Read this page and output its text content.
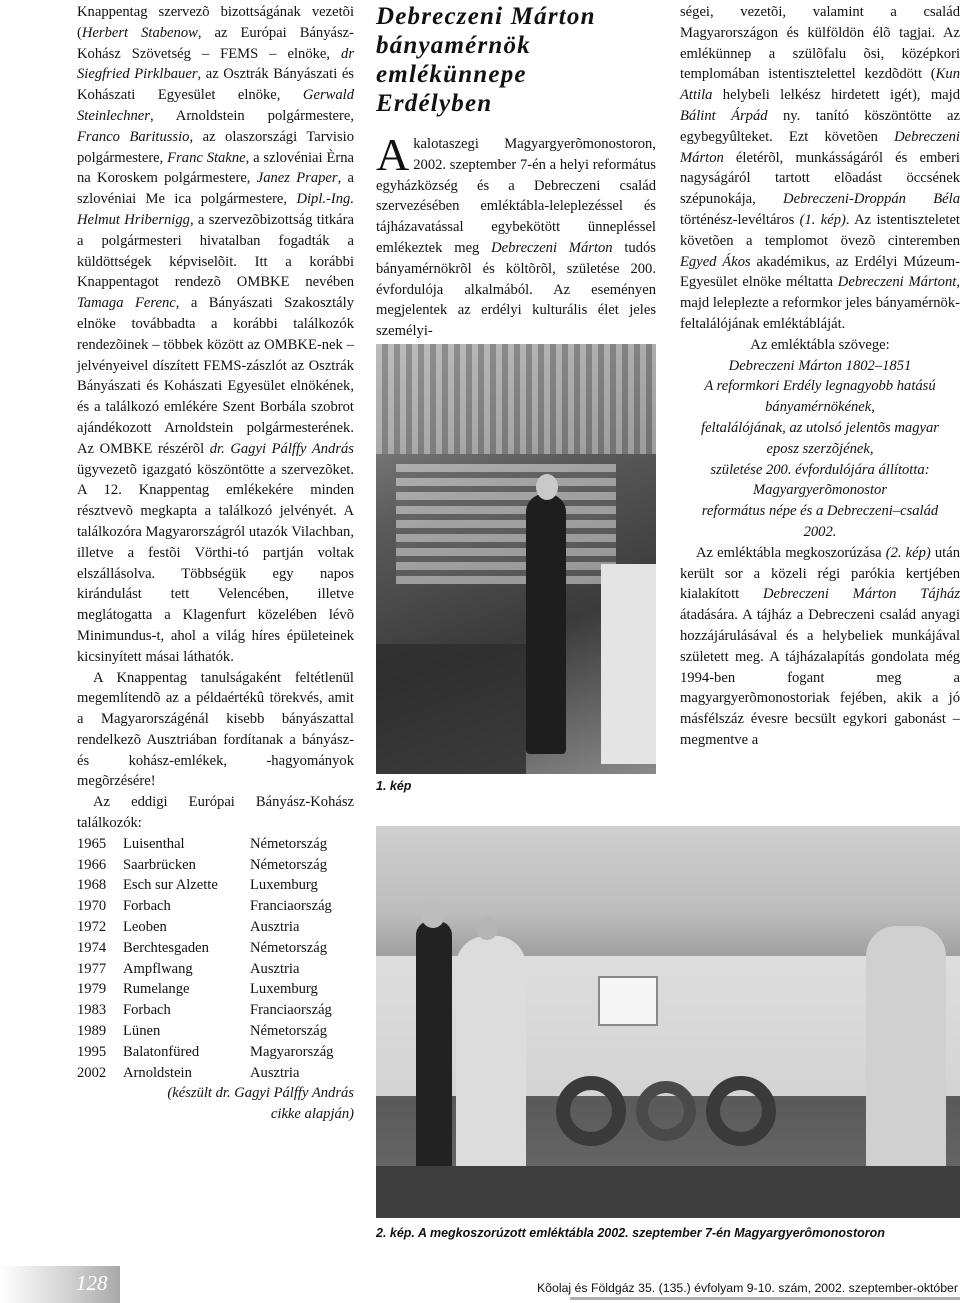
Knappentag szervezõ bizottságának vezetõi (Herbert Stabenow, az Európai Bányász-Kohász Szövetség – FEMS – elnöke, dr Siegfried Pirklbauer, az Osztrák Bányászati és Kohászati Egyesület elnöke, Gerwald Steinlechner, Arnoldstein polgármestere, Franco Baritussio, az olaszországi Tarvisio polgármestere, Franc Stakne, a szlovéniai Èrna na Koroskem polgármestere, Janez Praper, a szlovéniai Me ica polgármestere, Dipl.-Ing. Helmut Hribernigg, a szervezõbizottság titkára a polgármesteri hivatalban fogadták a küldöttségek képviselõit. Itt a korábbi Knappentagot rendezõ OMBKE nevében Tamaga Ferenc, a Bányászati Szakosztály elnöke továbbadta a korábbi találkozók rendezõinek – többek között az OMBKE-nek – jelvényeivel díszített FEMS-zászlót az Osztrák Bányászati és Kohászati Egyesület elnökének, és a találkozó emlékére Szent Borbála szobrot ajándékozott Arnoldstein polgármesterének. Az OMBKE részérõl dr. Gagyi Pálffy András ügyvezetõ igazgató köszöntötte a szervezõket. A 12. Knappentag emlékekére minden résztvevõ megkapta a találkozó jelvényét. A találkozóra Magyarországról utazók Vilachban, illetve a festõi Vörthi-tó partján voltak elszállásolva. Többségük egy napos kirándulást tett Velencében, illetve meglátogatta a Klagenfurt közelében lévõ Minimundus-t, ahol a világ híres épületeinek kicsinyített másai láthatók.

A Knappentag tanulságaként feltétlenül megemlítendõ az a példaértékû törekvés, amit a Magyarországénál kisebb bányászattal rendelkezõ Ausztriában fordítanak a bányász- és kohász-emlékek, -hagyományok megõrzésére!

Az eddigi Európai Bányász-Kohász találkozók:

1965	Luisenthal	Németország
1966	Saarbrücken	Németország
1968	Esch sur Alzette	Luxemburg
1970	Forbach	Franciaország
1972	Leoben	Ausztria
1974	Berchtesgaden	Németország
1977	Ampflwang	Ausztria
1979	Rumelange	Luxemburg
1983	Forbach	Franciaország
1989	Lünen	Németország
1995	Balatonfüred	Magyarország
2002	Arnoldstein	Ausztria

(készült dr. Gagyi Pálffy András

cikke alapján)

Debreczeni Márton
bányamérnök emlékünnepe
Erdélyben

A kalotaszegi Magyargyerõmonostoron, 2002. szeptember 7-én a helyi református egyházközség és a Debreczeni család szervezésében emléktábla-leleplezéssel és tájházavatással egybekötött ünnepléssel emlékeztek meg Debreczeni Márton tudós bányamérnökrõl és költõrõl, születése 200. évfordulója alkalmából. Az eseményen megjelentek az erdélyi kulturális élet jeles személyi-

1. kép

ségei, vezetõi, valamint a család Magyarországon és külföldön élõ tagjai. Az emlékünnep a szülõfalu õsi, középkori templomában istentisztelettel kezdõdött (Kun Attila helybeli lelkész hirdetett igét), majd Bálint Árpád ny. tanító köszöntötte az egybegyûlteket. Ezt követõen Debreczeni Márton életérõl, munkásságáról és emberi nagyságáról tartott elõadást öccsének szépunokája, Debreczeni-Droppán Béla történész-levéltáros (1. kép). Az istentiszteletet követõen a templomot övezõ cinteremben Egyed Ákos akadémikus, az Erdélyi Múzeum-Egyesület elnöke méltatta Debreczeni Mártont, majd leleplezte a reformkor jeles bányamérnök-feltalálójának emléktábláját.

Az emléktábla szövege:

Debreczeni Márton 1802–1851
A reformkori Erdély legnagyobb hatású
bányamérnökének,
feltalálójának, az utolsó jelentõs magyar
eposz szerzõjének,
születése 200. évfordulójára állította:
Magyargyerõmonostor
református népe és a Debreczeni–család
2002.

Az emléktábla megkoszorúzása (2. kép) után került sor a közeli régi parókia kertjében kialakított Debreczeni Márton Tájház átadására. A tájház a Debreczeni család anyagi hozzájárulásával és a helybeliek munkájával született meg. A tájházalapítás gondolata még 1994-ben fogant meg a magyargyerõmonostoriak fejében, akik a jó másfélszáz évesre becsült egykori gabonást – megmentve a

2. kép. A megkoszorúzott emléktábla 2002. szeptember 7-én Magyargyerômonostoron
128	Kõolaj és Földgáz 35. (135.) évfolyam 9-10. szám, 2002. szeptember-október
